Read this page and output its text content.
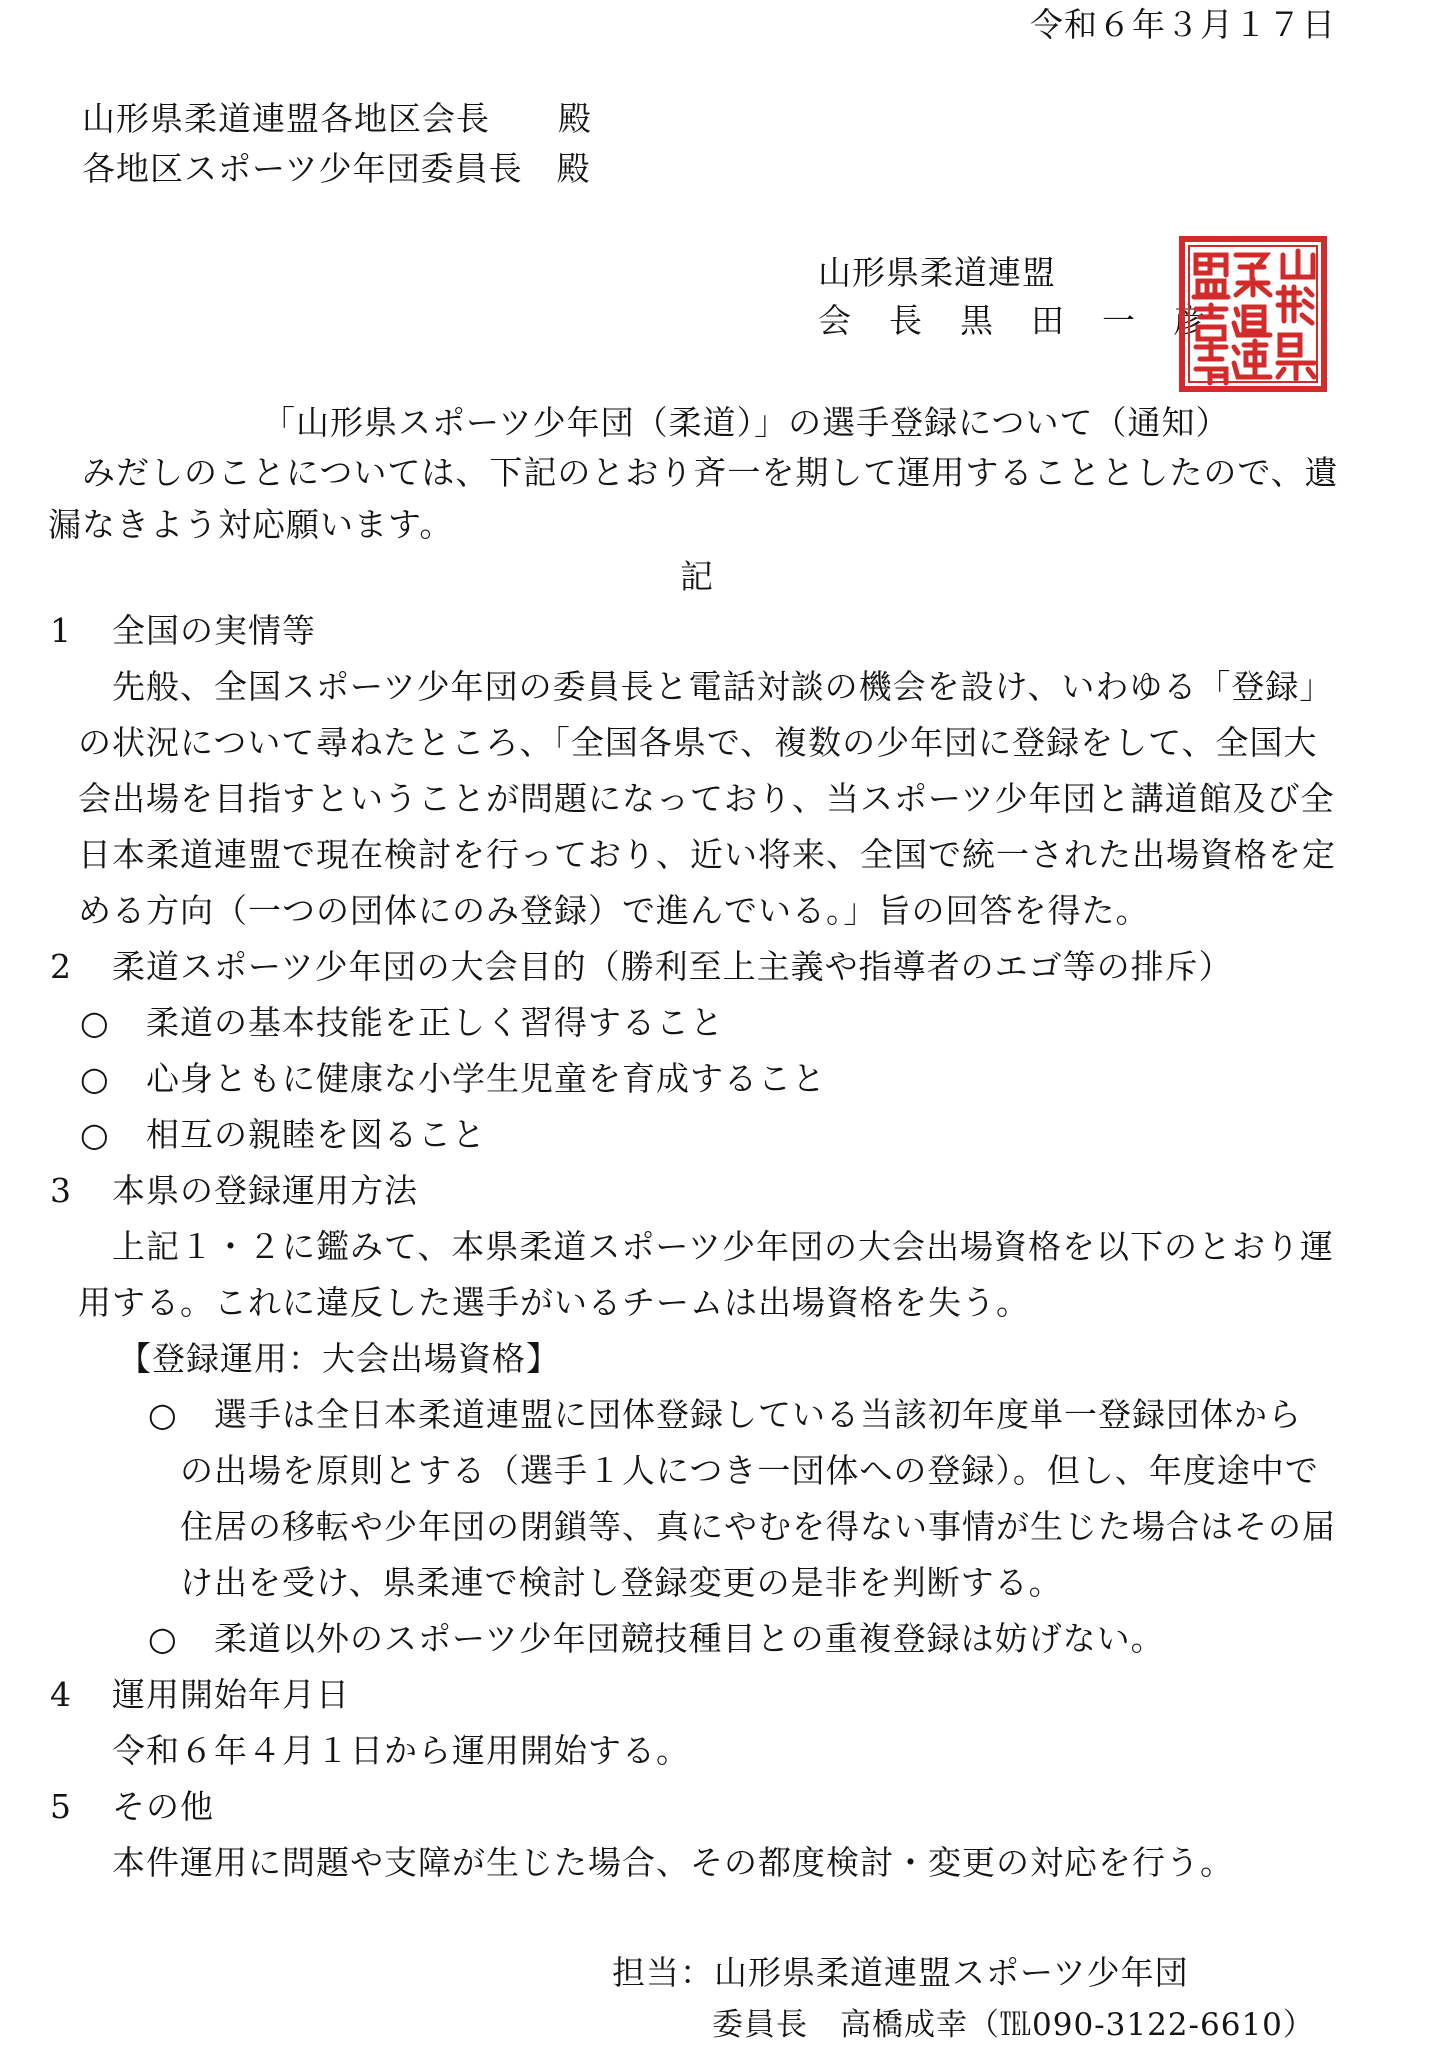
令和６年３月１７日
山形県柔道連盟各地区会長　　殿
各地区スポーツ少年団委員長　殿
山形県柔道連盟
会長黒田一彦
「山形県スポーツ少年団（柔道）」の選手登録について（通知）
みだしのことについては、下記のとおり斉一を期して運用することとしたので、遺
漏なきよう対応願います。
記
1 全国の実情等
先般、全国スポーツ少年団の委員長と電話対談の機会を設け、いわゆる「登録」
の状況について尋ねたところ、「全国各県で、複数の少年団に登録をして、全国大
会出場を目指すということが問題になっており、当スポーツ少年団と講道館及び全
日本柔道連盟で現在検討を行っており、近い将来、全国で統一された出場資格を定
める方向（一つの団体にのみ登録）で進んでいる。」旨の回答を得た。
2 柔道スポーツ少年団の大会目的（勝利至上主義や指導者のエゴ等の排斥）
○ 柔道の基本技能を正しく習得すること
○ 心身ともに健康な小学生児童を育成すること
○ 相互の親睦を図ること
3 本県の登録運用方法
上記１・２に鑑みて、本県柔道スポーツ少年団の大会出場資格を以下のとおり運
用する。これに違反した選手がいるチームは出場資格を失う。
【登録運用：大会出場資格】
○ 選手は全日本柔道連盟に団体登録している当該初年度単一登録団体から
の出場を原則とする（選手１人につき一団体への登録）。但し、年度途中で
住居の移転や少年団の閉鎖等、真にやむを得ない事情が生じた場合はその届
け出を受け、県柔連で検討し登録変更の是非を判断する。
○ 柔道以外のスポーツ少年団競技種目との重複登録は妨げない。
4 運用開始年月日
令和６年４月１日から運用開始する。
5 その他
本件運用に問題や支障が生じた場合、その都度検討・変更の対応を行う。
担当：山形県柔道連盟スポーツ少年団
委員長　高橋成幸（℡090-3122-6610）
